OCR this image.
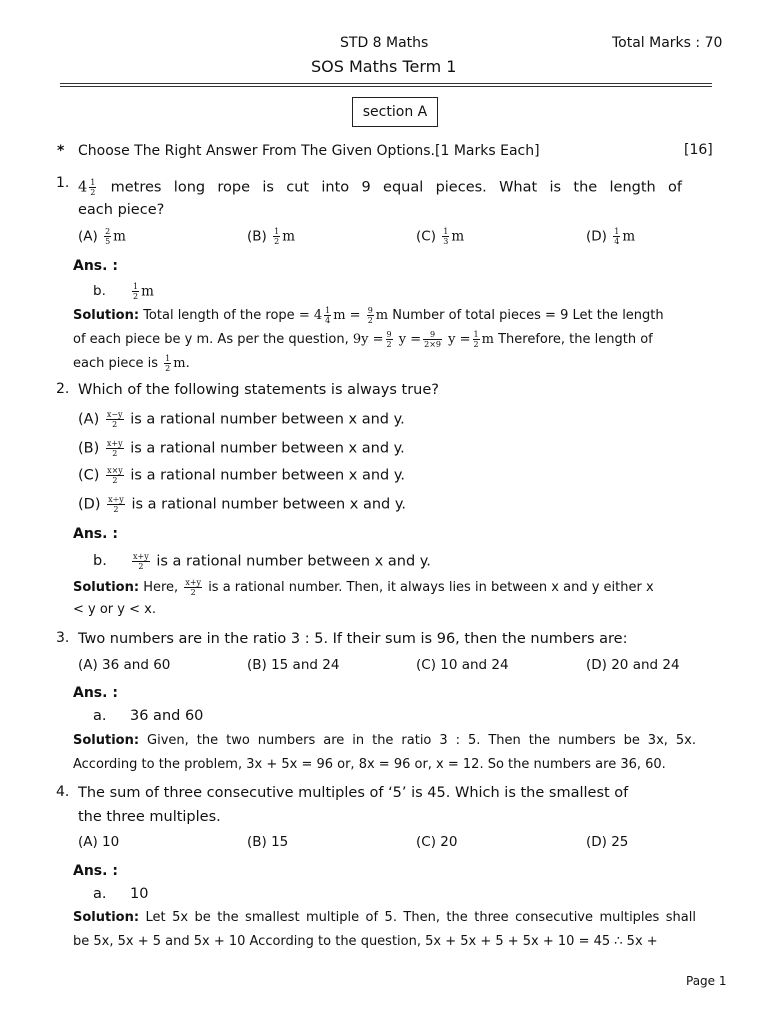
STD 8 Maths	Total Marks : 70
SOS Maths Term 1
section A
* Choose The Right Answer From The Given Options.[1 Marks Each]	[16]
1. $4 \frac{1}{2}$ metres long rope is cut into 9 equal pieces. What is the length of
each piece?
$(A) \frac{2}{5}$ m	$(B) \frac{1}{2}$ m	$(C) \frac{1}{3}$ m	$(D) \frac{1}{4}$ m
Ans. :
b.	$\frac{1}{2}$ m
Solution: Total length of the rope = $4 \frac{1}{4}$ $m = \frac{9}{2}$ m Number of total pieces = 9 Let the length
of each piece be y m. As per the question, $9y = \frac{9}{2}$ $y = \frac{9}{2\times 9}$ $y = \frac{1}{2}$ m Therefore, the length of
each piece is $\frac{1}{2} m$.
2. Which of the following statements is always true?
$(A) \frac{x-y}{2}$ is a rational number between x and y.
$(B) \frac{x+y}{2}$ is a rational number between x and y.
$(C) \frac{x\times y}{2}$ is a rational number between x and y.
$(D) \frac{x\div y}{2}$ is a rational number between x and y.
Ans. :
b.	$\frac{x+y}{2}$ is a rational number between x and y.
Solution: Here, $\frac{x+y}{2}$ is a rational number. Then, it always lies in between x and y either x
< y or y < x.
3. Two numbers are in the ratio 3 : 5. If their sum is 96, then the numbers are:
(A) 36 and 60	(B) 15 and 24	(C) 10 and 24	(D) 20 and 24
Ans. :
a. 36 and 60
Solution: Given, the two numbers are in the ratio 3 : 5. Then the numbers be 3x, 5x.
According to the problem, 3x + 5x = 96 or, 8x = 96 or, x = 12. So the numbers are 36, 60.
4. The sum of three consecutive multiples of ‘5’ is 45. Which is the smallest of
the three multiples.
(A) 10	(B) 15	(C) 20	(D) 25
Ans. :
a. 10
Solution: Let 5x be the smallest multiple of 5. Then, the three consecutive multiples shall
be 5x, 5x + 5 and 5x + 10 According to the question, 5x + 5x + 5 + 5x + 10 = 45 ∴ 5x +
Page 1
